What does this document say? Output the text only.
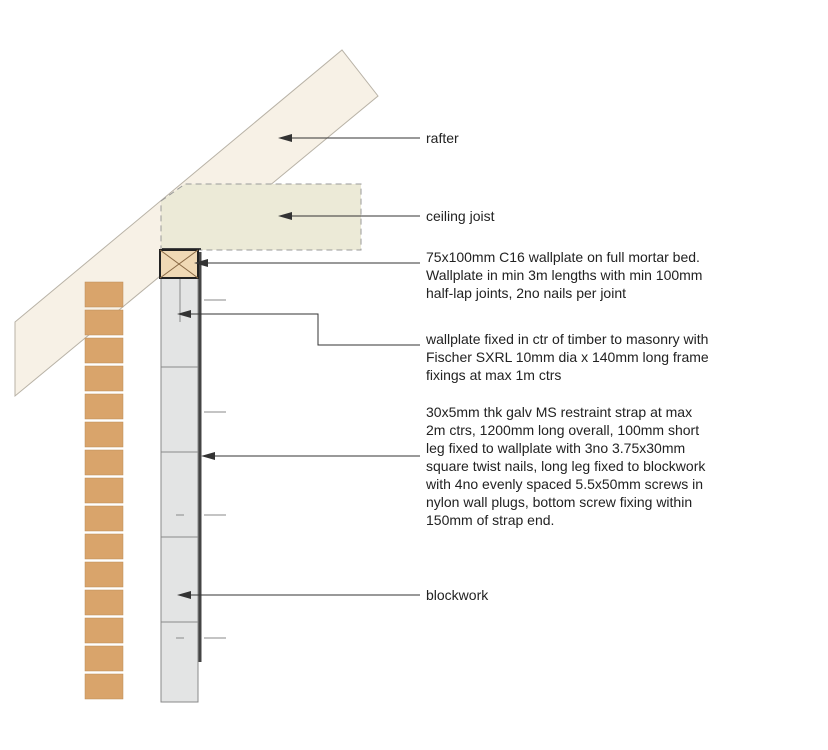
rafter
ceiling joist
75x100mm C16 wallplate on full mortar bed.
Wallplate in min 3m lengths with min 100mm
half-lap joints, 2no nails per joint
wallplate fixed in ctr of timber to masonry with
Fischer SXRL 10mm dia x 140mm long frame
fixings at max 1m ctrs
30x5mm thk galv MS restraint strap at max
2m ctrs, 1200mm long overall, 100mm short
leg fixed to wallplate with 3no 3.75x30mm
square twist nails, long leg fixed to blockwork
with 4no evenly spaced 5.5x50mm screws in
nylon wall plugs, bottom screw fixing within
150mm of strap end.
blockwork
